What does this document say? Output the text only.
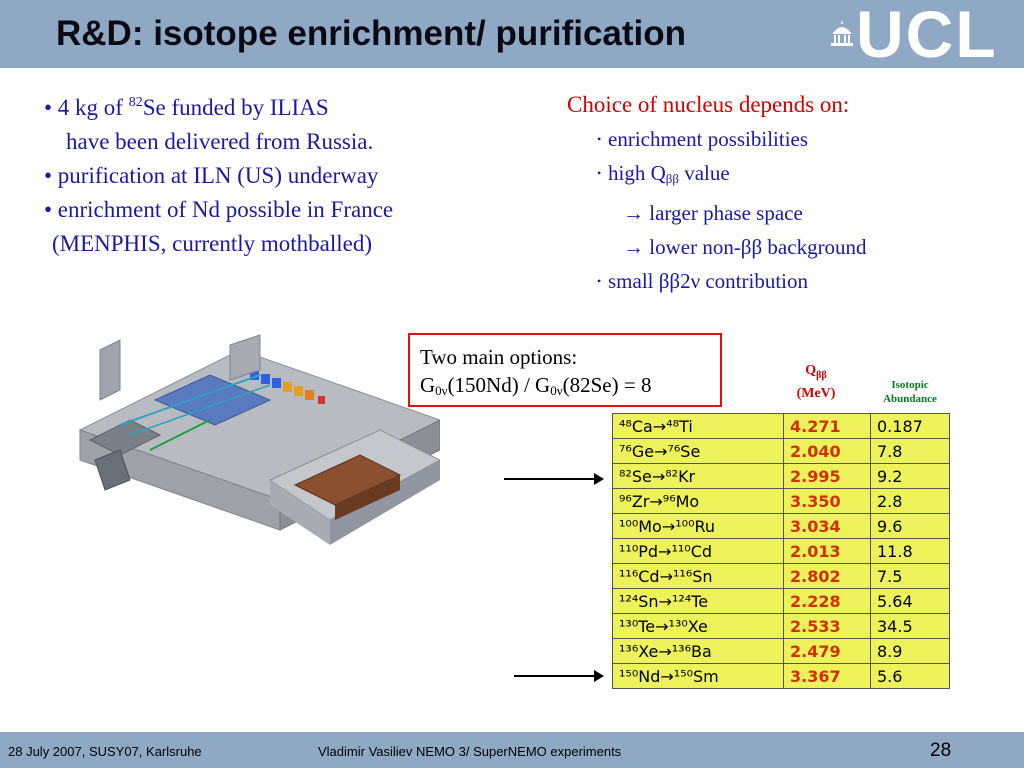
R&D: isotope enrichment/ purification	UCL
• 4 kg of $^{82}$Se funded by ILIAS
have been delivered from Russia.
• purification at ILN (US) underway
• enrichment of Nd possible in France
(MENPHIS, currently mothballed)
Choice of nucleus depends on:
• enrichment possibilities
• high $Q_{\beta\beta}$ value
→ larger phase space
→ lower non-ββ background
• small ββ2ν contribution
Two main options:
$G_{0\nu}(150Nd) / G_{0\nu}(82Se) = 8$
$Q_{\beta\beta}$
(MeV)
Isotopic
Abundance
⁴⁸Ca→⁴⁸Ti	4.271	0.187
⁷⁶Ge→⁷⁶Se	2.040	7.8
⁸²Se→⁸²Kr	2.995	9.2
⁹⁶Zr→⁹⁶Mo	3.350	2.8
¹⁰⁰Mo→¹⁰⁰Ru	3.034	9.6
¹¹⁰Pd→¹¹⁰Cd	2.013	11.8
¹¹⁶Cd→¹¹⁶Sn	2.802	7.5
¹²⁴Sn→¹²⁴Te	2.228	5.64
¹³⁰Te→¹³⁰Xe	2.533	34.5
¹³⁶Xe→¹³⁶Ba	2.479	8.9
¹⁵⁰Nd→¹⁵⁰Sm	3.367	5.6
28 July 2007, SUSY07, Karlsruhe	Vladimir Vasiliev NEMO 3/ SuperNEMO experiments	28
